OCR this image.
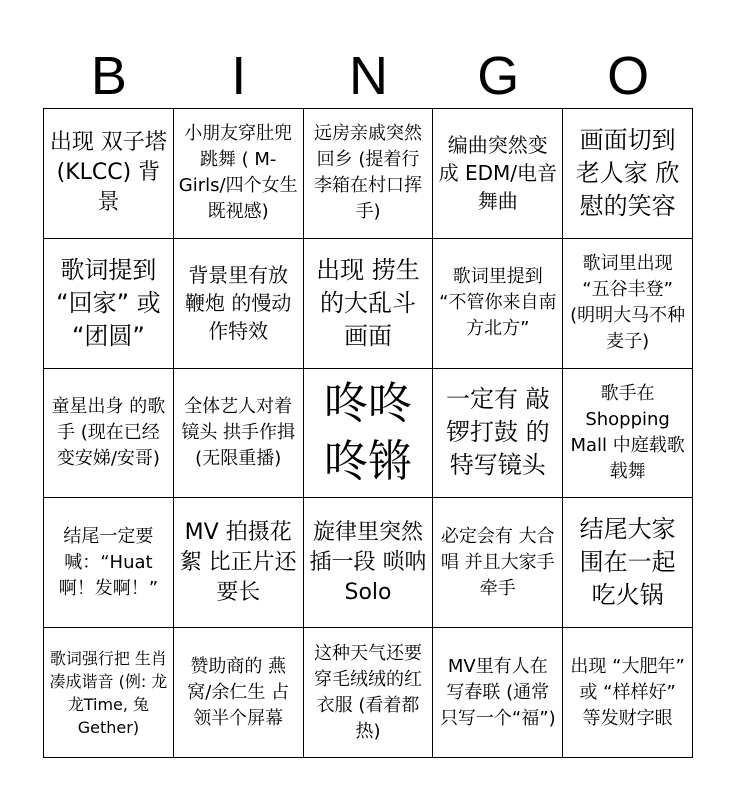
B	I	N	G	O
出现 双子塔 (KLCC) 背景
小朋友穿肚兜跳舞 ( M-Girls/四个女生 既视感)
远房亲戚突然 回乡 (提着行李箱在村口挥手)
编曲突然变成 EDM/电音舞曲
画面切到老人家 欣慰的笑容
歌词提到 “回家” 或 “团圆”
背景里有放鞭炮 的慢动作特效
出现 捞生 的大乱斗画面
歌词里提到 “不管你来自南方北方”
歌词里出现 “五谷丰登” (明明大马不种麦子)
童星出身 的歌手 (现在已经变安娣/安哥)
全体艺人对着镜头 拱手作揖 (无限重播)
咚咚咚锵
一定有 敲锣打鼓 的特写镜头
歌手在 Shopping Mall 中庭载歌载舞
结尾一定要喊：“Huat 啊！发啊！”
MV 拍摄花絮 比正片还要长
旋律里突然插一段 唢呐 Solo
必定会有 大合唱 并且大家手牵手
结尾大家围在一起吃火锅
歌词强行把 生肖 凑成谐音 (例: 龙龙Time, 兔Gether)
赞助商的 燕窝/余仁生 占领半个屏幕
这种天气还要 穿毛绒绒的红衣服 (看着都热)
MV里有人在 写春联 (通常只写一个“福”)
出现 “大肥年” 或 “样样好” 等发财字眼
